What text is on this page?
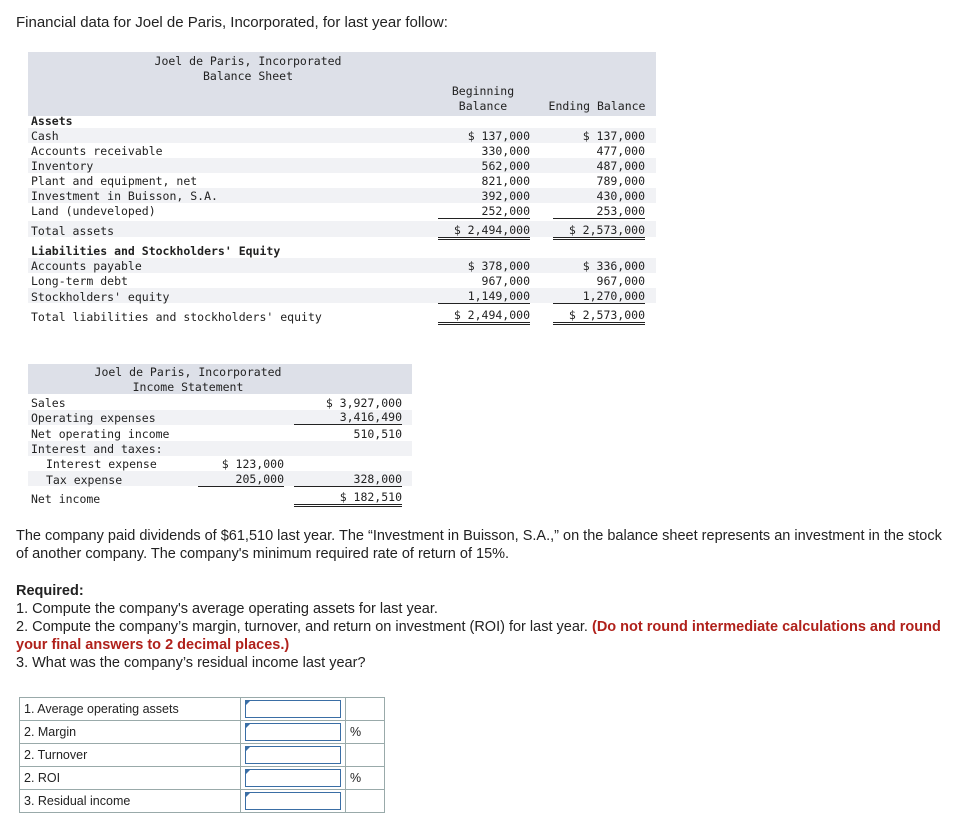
Financial data for Joel de Paris, Incorporated, for last year follow:
Joel de Paris, Incorporated
Balance Sheet
Beginning
Balance	Ending Balance
Assets
Cash	$ 137,000	$ 137,000
Accounts receivable	330,000	477,000
Inventory	562,000	487,000
Plant and equipment, net	821,000	789,000
Investment in Buisson, S.A.	392,000	430,000
Land (undeveloped)	252,000	253,000
Total assets	$ 2,494,000	$ 2,573,000
Liabilities and Stockholders' Equity
Accounts payable	$ 378,000	$ 336,000
Long-term debt	967,000	967,000
Stockholders' equity	1,149,000	1,270,000
Total liabilities and stockholders' equity	$ 2,494,000	$ 2,573,000
Joel de Paris, Incorporated
Income Statement
Sales	$ 3,927,000
Operating expenses	3,416,490
Net operating income	510,510
Interest and taxes:
Interest expense	$ 123,000
Tax expense	205,000	328,000
Net income	$ 182,510
The company paid dividends of $61,510 last year. The “Investment in Buisson, S.A.,” on the balance sheet represents an investment in the stock of another company. The company's minimum required rate of return of 15%.
Required:
1. Compute the company's average operating assets for last year.
2. Compute the company’s margin, turnover, and return on investment (ROI) for last year. (Do not round intermediate calculations and round your final answers to 2 decimal places.)
3. What was the company’s residual income last year?
1. Average operating assets	

2. Margin		%
2. Turnover	

2. ROI		%
3. Residual income	
